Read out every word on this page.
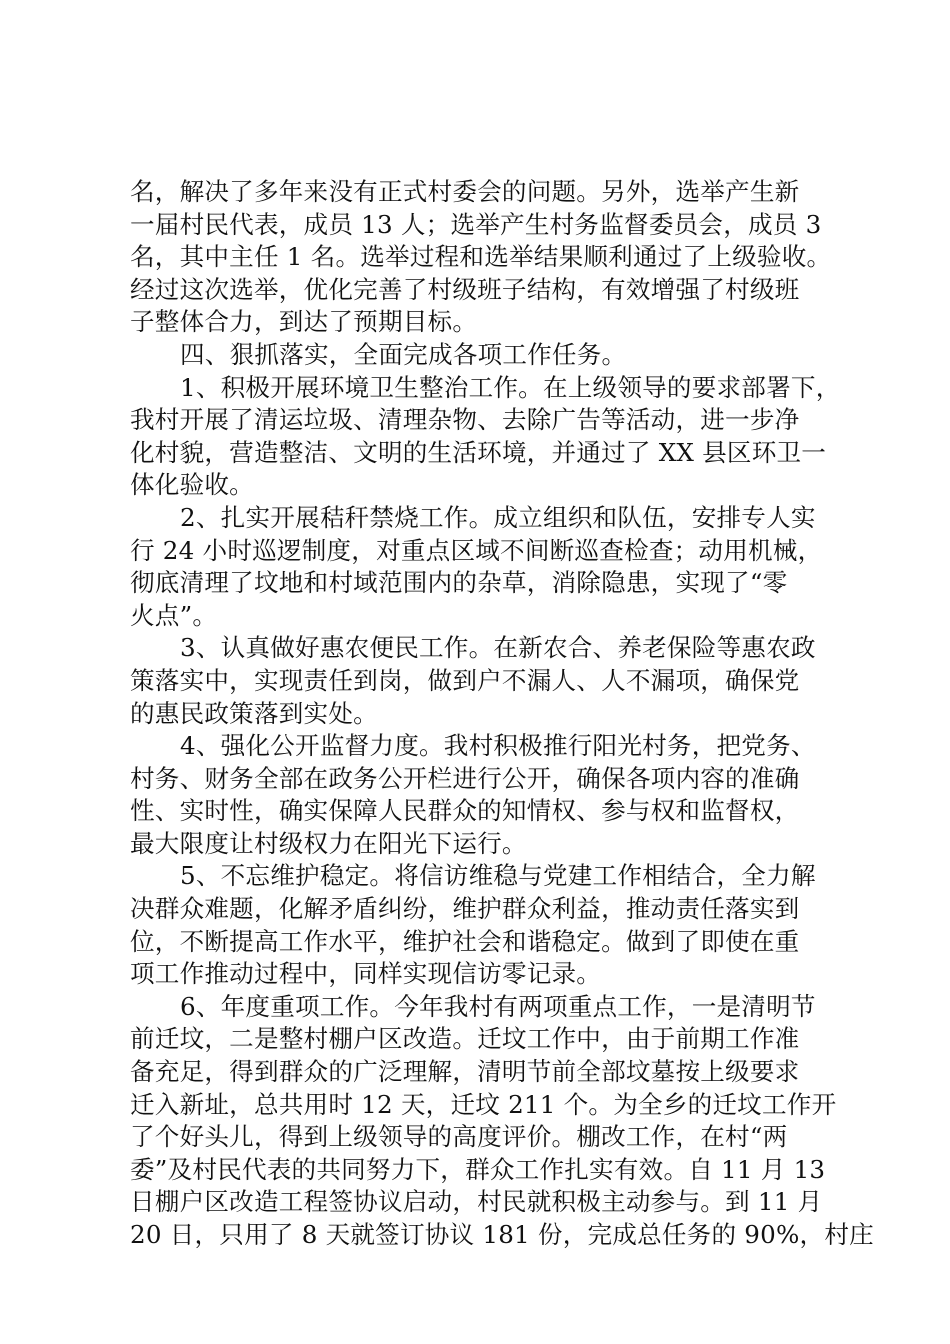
名，解决了多年来没有正式村委会的问题。另外，选举产生新
一届村民代表，成员 13 人；选举产生村务监督委员会，成员 3
名，其中主任 1 名。选举过程和选举结果顺利通过了上级验收。
经过这次选举，优化完善了村级班子结构，有效增强了村级班
子整体合力，到达了预期目标。
四、狠抓落实，全面完成各项工作任务。
1、积极开展环境卫生整治工作。在上级领导的要求部署下，
我村开展了清运垃圾、清理杂物、去除广告等活动，进一步净
化村貌，营造整洁、文明的生活环境，并通过了 XX 县区环卫一
体化验收。
2、扎实开展秸秆禁烧工作。成立组织和队伍，安排专人实
行 24 小时巡逻制度，对重点区域不间断巡查检查；动用机械，
彻底清理了坟地和村域范围内的杂草，消除隐患，实现了“零
火点”。
3、认真做好惠农便民工作。在新农合、养老保险等惠农政
策落实中，实现责任到岗，做到户不漏人、人不漏项，确保党
的惠民政策落到实处。
4、强化公开监督力度。我村积极推行阳光村务，把党务、
村务、财务全部在政务公开栏进行公开，确保各项内容的准确
性、实时性，确实保障人民群众的知情权、参与权和监督权，
最大限度让村级权力在阳光下运行。
5、不忘维护稳定。将信访维稳与党建工作相结合，全力解
决群众难题，化解矛盾纠纷，维护群众利益，推动责任落实到
位，不断提高工作水平，维护社会和谐稳定。做到了即使在重
项工作推动过程中，同样实现信访零记录。
6、年度重项工作。今年我村有两项重点工作，一是清明节
前迁坟，二是整村棚户区改造。迁坟工作中，由于前期工作准
备充足，得到群众的广泛理解，清明节前全部坟墓按上级要求
迁入新址，总共用时 12 天，迁坟 211 个。为全乡的迁坟工作开
了个好头儿，得到上级领导的高度评价。棚改工作，在村“两
委”及村民代表的共同努力下，群众工作扎实有效。自 11 月 13
日棚户区改造工程签协议启动，村民就积极主动参与。到 11 月
20 日，只用了 8 天就签订协议 181 份，完成总任务的 90%，村庄
